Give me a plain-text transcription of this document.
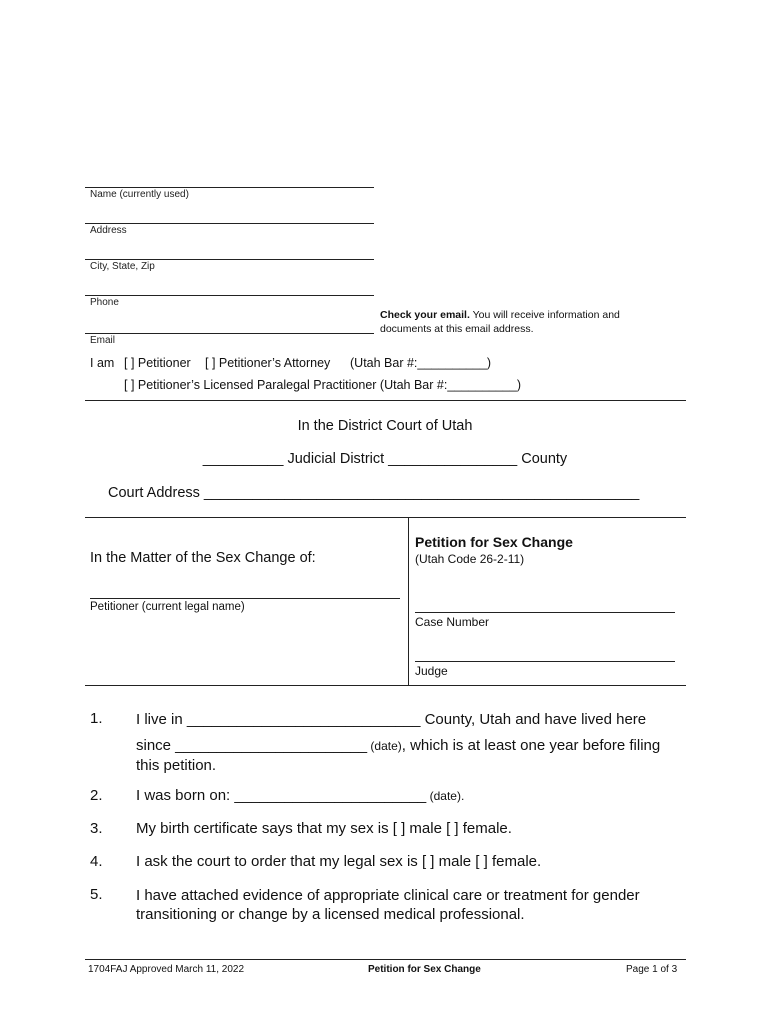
Name (currently used)
Address
City, State, Zip
Phone
Email
Check your email. You will receive information and
documents at this email address.
I am [ ] Petitioner [ ] Petitioner’s Attorney (Utah Bar #:__________)
[ ] Petitioner’s Licensed Paralegal Practitioner (Utah Bar #:__________)
In the District Court of Utah
__________ Judicial District ________________ County
Court Address ______________________________________________________
In the Matter of the Sex Change of:
Petitioner (current legal name)
Petition for Sex Change
(Utah Code 26-2-11)
Case Number
Judge
1. I live in ____________________________ County, Utah and have lived here
since _______________________ (date), which is at least one year before filing
this petition.
2. I was born on: _______________________ (date).
3. My birth certificate says that my sex is [ ] male [ ] female.
4. I ask the court to order that my legal sex is [ ] male [ ] female.
5. I have attached evidence of appropriate clinical care or treatment for gender
transitioning or change by a licensed medical professional.
1704FAJ Approved March 11, 2022	Petition for Sex Change	Page 1 of 3
